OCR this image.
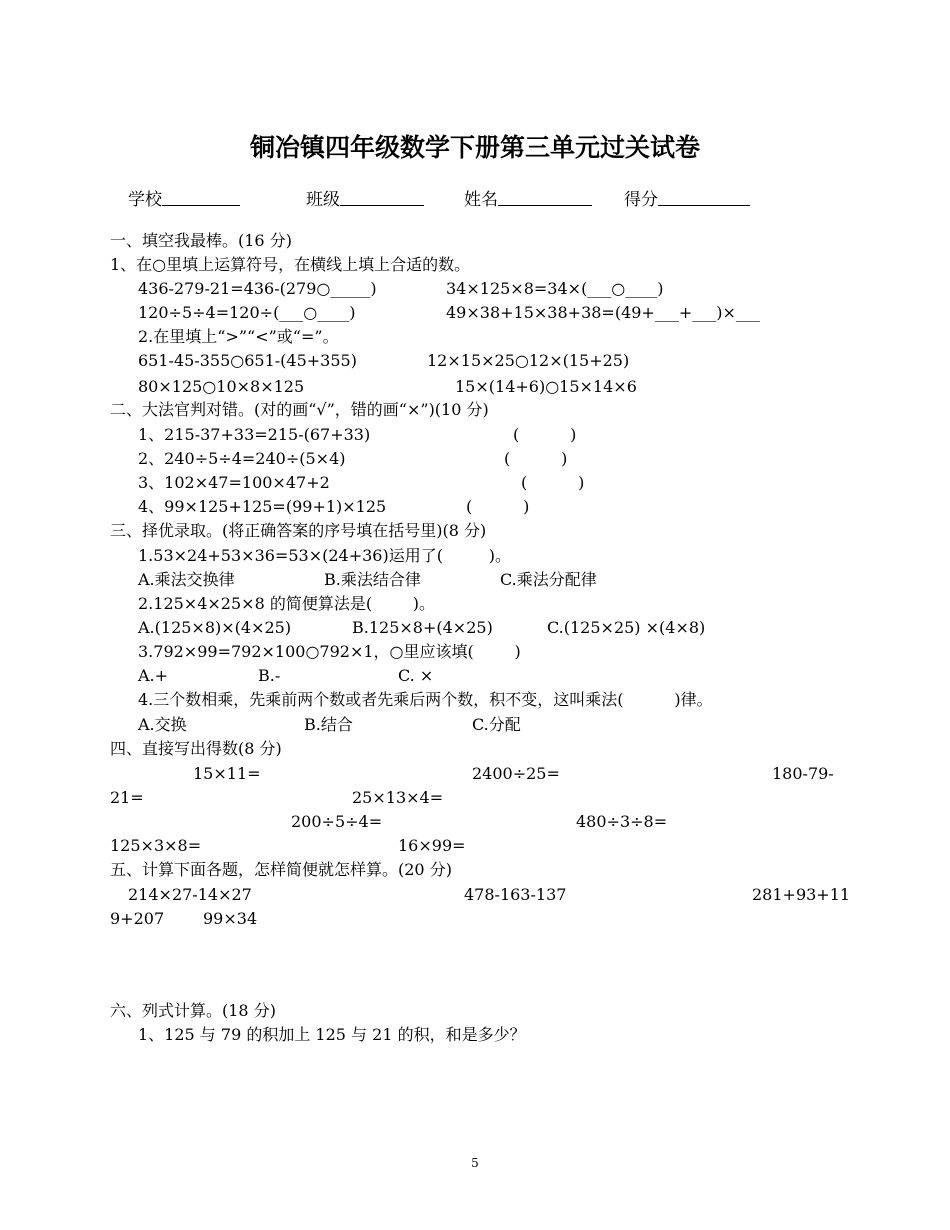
铜冶镇四年级数学下册第三单元过关试卷
学校	班级	姓名	得分
一、填空我最棒。(16 分)
1、在○里填上运算符号，在横线上填上合适的数。
436-279-21=436-(279○_____)	34×125×8=34×(___○____)
120÷5÷4=120÷(___○____)	49×38+15×38+38=(49+___+___)×___
2.在里填上“>”“<”或“=”。
651-45-355○651-(45+355)	12×15×25○12×(15+25)
80×125○10×8×125	15×(14+6)○15×14×6
二、大法官判对错。(对的画“√”，错的画“×”)(10 分)
1、215-37+33=215-(67+33)	(          )
2、240÷5÷4=240÷(5×4)	(          )
3、102×47=100×47+2	(          )
4、99×125+125=(99+1)×125	(          )
三、择优录取。(将正确答案的序号填在括号里)(8 分)
1.53×24+53×36=53×(24+36)运用了(         )。
A.乘法交换律	B.乘法结合律	C.乘法分配律
2.125×4×25×8 的简便算法是(        )。
A.(125×8)×(4×25)	B.125×8+(4×25)	C.(125×25) ×(4×8)
3.792×99=792×100○792×1，○里应该填(        )
A.+	B.-	C. ×
4.三个数相乘，先乘前两个数或者先乘后两个数，积不变，这叫乘法(          )律。
A.交换	B.结合	C.分配
四、直接写出得数(8 分)
15×11=	2400÷25=	180-79-
21=	25×13×4=
200÷5÷4=	480÷3÷8=
125×3×8=	16×99=
五、计算下面各题，怎样简便就怎样算。(20 分)
214×27-14×27	478-163-137	281+93+11
9+207 99×34
六、列式计算。(18 分)
1、125 与 79 的积加上 125 与 21 的积，和是多少？
5
